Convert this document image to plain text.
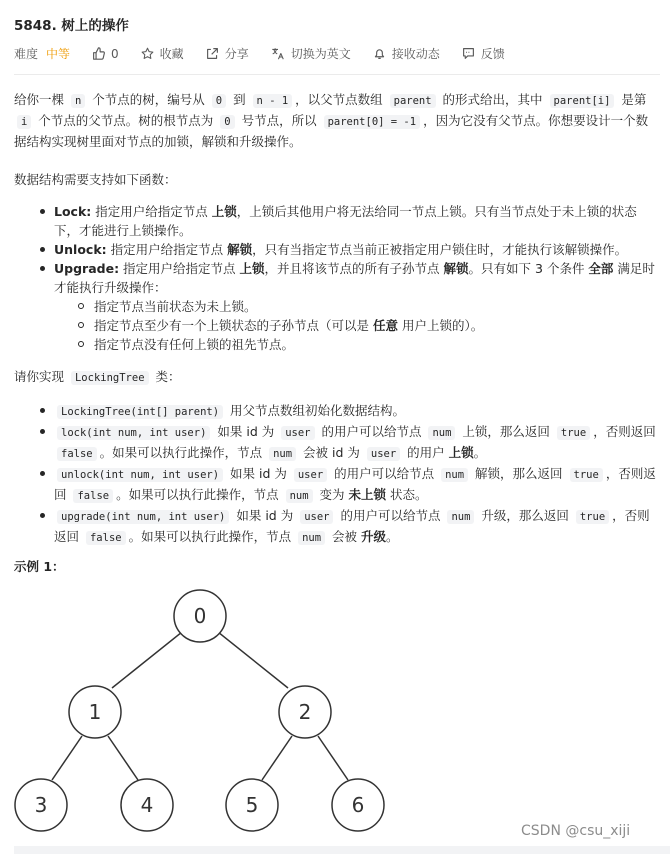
5848. 树上的操作
难度 中等	0	收藏	分享	切换为英文	接收动态	反馈

给你一棵 n 个节点的树，编号从 0 到 n - 1 ，以父节点数组 parent 的形式给出，其中 parent[i] 是第 i 个节点的父节点。树的根节点为 0 号节点，所以 parent[0] = -1 ，因为它没有父节点。你想要设计一个数据结构实现树里面对节点的加锁，解锁和升级操作。

数据结构需要支持如下函数：

Lock: 指定用户给指定节点 上锁，上锁后其他用户将无法给同一节点上锁。只有当节点处于未上锁的状态下，才能进行上锁操作。
Unlock: 指定用户给指定节点 解锁，只有当指定节点当前正被指定用户锁住时，才能执行该解锁操作。
Upgrade: 指定用户给指定节点 上锁，并且将该节点的所有子孙节点 解锁。只有如下 3 个条件 全部 满足时才能执行升级操作：
指定节点当前状态为未上锁。
指定节点至少有一个上锁状态的子孙节点（可以是 任意 用户上锁的）。
指定节点没有任何上锁的祖先节点。

请你实现 LockingTree 类：

LockingTree(int[] parent) 用父节点数组初始化数据结构。
lock(int num, int user) 如果 id 为 user 的用户可以给节点 num 上锁，那么返回 true ，否则返回 false 。如果可以执行此操作，节点 num 会被 id 为 user 的用户 上锁。
unlock(int num, int user) 如果 id 为 user 的用户可以给节点 num 解锁，那么返回 true ，否则返回 false 。如果可以执行此操作，节点 num 变为 未上锁 状态。
upgrade(int num, int user) 如果 id 为 user 的用户可以给节点 num 升级，那么返回 true ，否则返回 false 。如果可以执行此操作，节点 num 会被 升级。
示例 1：
0
1	2
3	4	5	6
CSDN @csu_xiji
